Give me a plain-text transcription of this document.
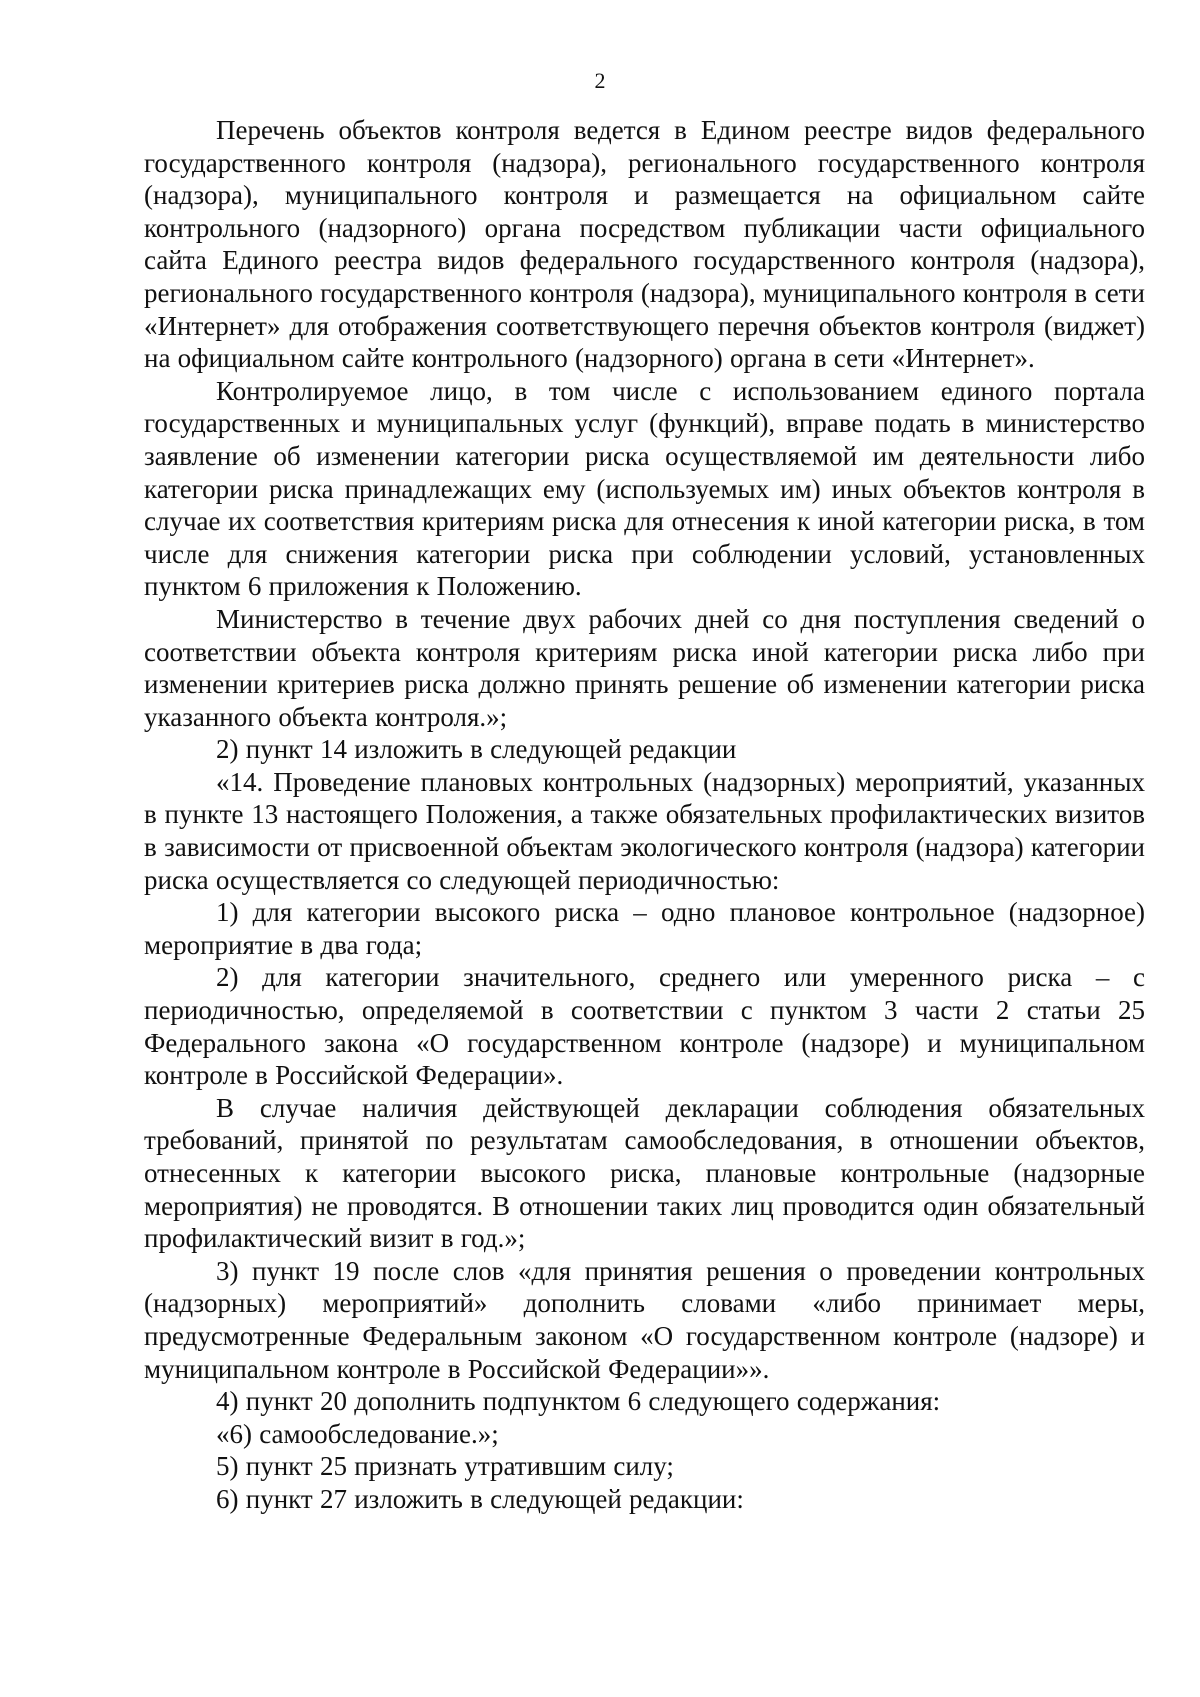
2

Перечень объектов контроля ведется в Едином реестре видов федерального государственного контроля (надзора), регионального государственного контроля (надзора), муниципального контроля и размещается на официальном сайте контрольного (надзорного) органа посредством публикации части официального сайта Единого реестра видов федерального государственного контроля (надзора), регионального государственного контроля (надзора), муниципального контроля в сети «Интернет» для отображения соответствующего перечня объектов контроля (виджет) на официальном сайте контрольного (надзорного) органа в сети «Интернет».

Контролируемое лицо, в том числе с использованием единого портала государственных и муниципальных услуг (функций), вправе подать в министерство заявление об изменении категории риска осуществляемой им деятельности либо категории риска принадлежащих ему (используемых им) иных объектов контроля в случае их соответствия критериям риска для отнесения к иной категории риска, в том числе для снижения категории риска при соблюдении условий, установленных пунктом 6 приложения к Положению.

Министерство в течение двух рабочих дней со дня поступления сведений о соответствии объекта контроля критериям риска иной категории риска либо при изменении критериев риска должно принять решение об изменении категории риска указанного объекта контроля.»;

2) пункт 14 изложить в следующей редакции

«14. Проведение плановых контрольных (надзорных) мероприятий, указанных в пункте 13 настоящего Положения, а также обязательных профилактических визитов в зависимости от присвоенной объектам экологического контроля (надзора) категории риска осуществляется со следующей периодичностью:

1) для категории высокого риска – одно плановое контрольное (надзорное) мероприятие в два года;

2) для категории значительного, среднего или умеренного риска – с периодичностью, определяемой в соответствии с пунктом 3 части 2 статьи 25 Федерального закона «О государственном контроле (надзоре) и муниципальном контроле в Российской Федерации».

В случае наличия действующей декларации соблюдения обязательных требований, принятой по результатам самообследования, в отношении объектов, отнесенных к категории высокого риска, плановые контрольные (надзорные мероприятия) не проводятся. В отношении таких лиц проводится один обязательный профилактический визит в год.»;

3) пункт 19 после слов «для принятия решения о проведении контрольных (надзорных) мероприятий» дополнить словами «либо принимает меры, предусмотренные Федеральным законом «О государственном контроле (надзоре) и муниципальном контроле в Российской Федерации»».

4) пункт 20 дополнить подпунктом 6 следующего содержания:

«6) самообследование.»;

5) пункт 25 признать утратившим силу;

6) пункт 27 изложить в следующей редакции:
